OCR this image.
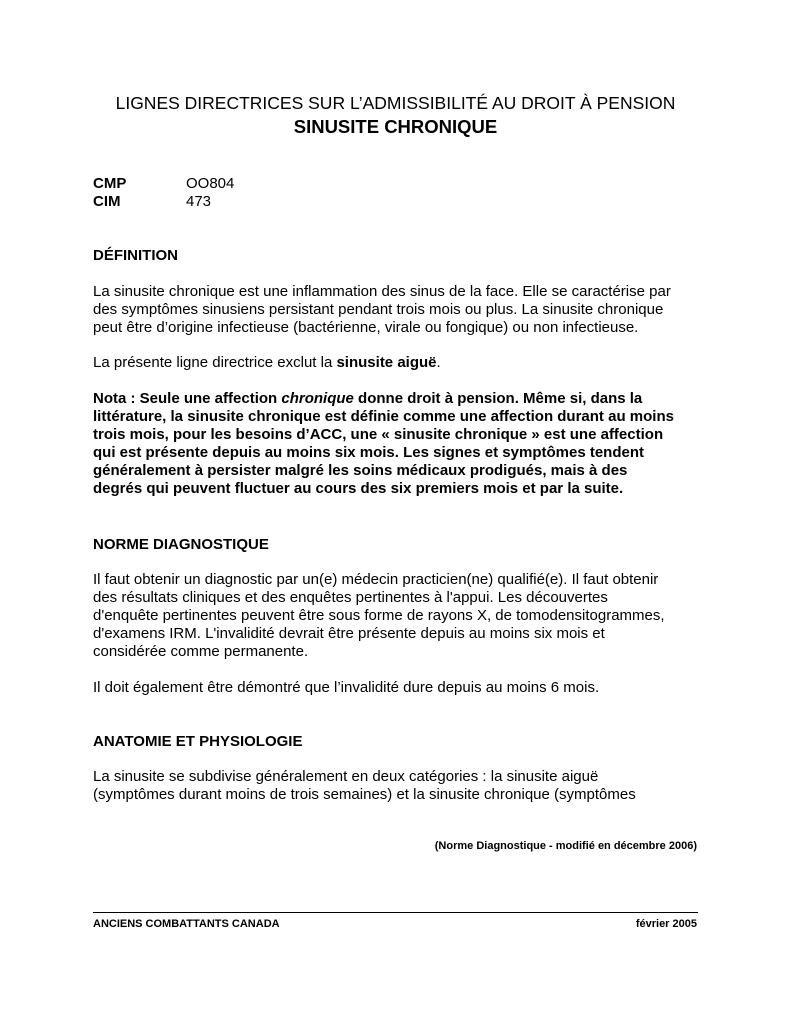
LIGNES DIRECTRICES SUR L’ADMISSIBILITÉ AU DROIT À PENSION
SINUSITE CHRONIQUE
CMP	OO804
CIM	473
DÉFINITION
La sinusite chronique est une inflammation des sinus de la face. Elle se caractérise par
des symptômes sinusiens persistant pendant trois mois ou plus. La sinusite chronique
peut être d’origine infectieuse (bactérienne, virale ou fongique) ou non infectieuse.
La présente ligne directrice exclut la sinusite aiguë.
Nota : Seule une affection chronique donne droit à pension. Même si, dans la
littérature, la sinusite chronique est définie comme une affection durant au moins
trois mois, pour les besoins d’ACC, une « sinusite chronique » est une affection
qui est présente depuis au moins six mois. Les signes et symptômes tendent
généralement à persister malgré les soins médicaux prodigués, mais à des
degrés qui peuvent fluctuer au cours des six premiers mois et par la suite.
NORME DIAGNOSTIQUE
Il faut obtenir un diagnostic par un(e) médecin practicien(ne) qualifié(e). Il faut obtenir
des résultats cliniques et des enquêtes pertinentes à l'appui. Les découvertes
d'enquête pertinentes peuvent être sous forme de rayons X, de tomodensitogrammes,
d'examens IRM. L'invalidité devrait être présente depuis au moins six mois et
considérée comme permanente.
Il doit également être démontré que l’invalidité dure depuis au moins 6 mois.
ANATOMIE ET PHYSIOLOGIE
La sinusite se subdivise généralement en deux catégories : la sinusite aiguë
(symptômes durant moins de trois semaines) et la sinusite chronique (symptômes
(Norme Diagnostique - modifié en décembre 2006)
ANCIENS COMBATTANTS CANADA	février 2005
